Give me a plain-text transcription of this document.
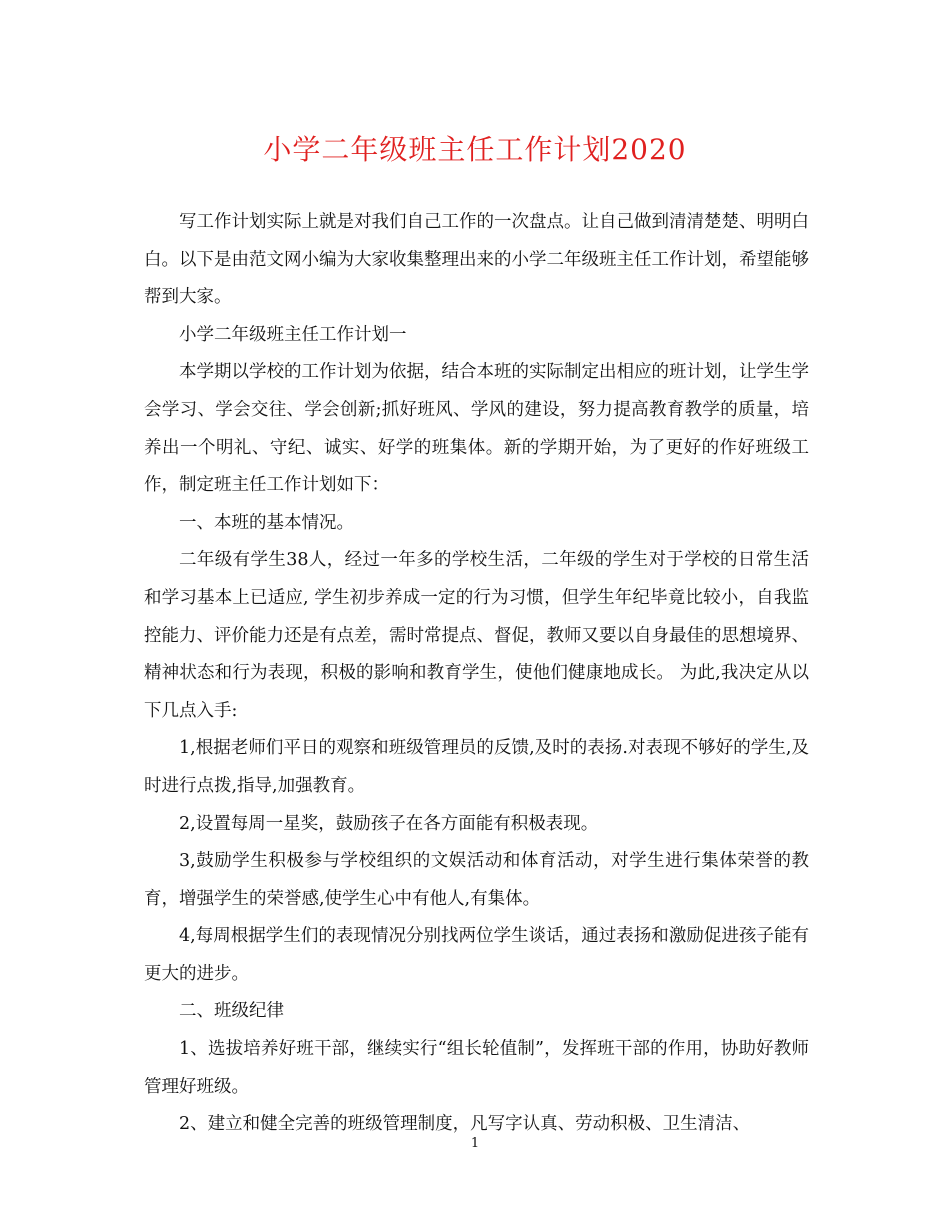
小学二年级班主任工作计划2020

写工作计划实际上就是对我们自己工作的一次盘点。让自己做到清清楚楚、明明白白。以下是由范文网小编为大家收集整理出来的小学二年级班主任工作计划，希望能够帮到大家。

小学二年级班主任工作计划一

本学期以学校的工作计划为依据，结合本班的实际制定出相应的班计划，让学生学会学习、学会交往、学会创新;抓好班风、学风的建设，努力提高教育教学的质量，培养出一个明礼、守纪、诚实、好学的班集体。新的学期开始，为了更好的作好班级工作，制定班主任工作计划如下：

一、本班的基本情况。

二年级有学生38人，经过一年多的学校生活，二年级的学生对于学校的日常生活和学习基本上已适应, 学生初步养成一定的行为习惯，但学生年纪毕竟比较小，自我监控能力、评价能力还是有点差，需时常提点、督促，教师又要以自身最佳的思想境界、精神状态和行为表现，积极的影响和教育学生，使他们健康地成长。 为此,我决定从以下几点入手:

1,根据老师们平日的观察和班级管理员的反馈,及时的表扬.对表现不够好的学生,及时进行点拨,指导,加强教育。

2,设置每周一星奖，鼓励孩子在各方面能有积极表现。

3,鼓励学生积极参与学校组织的文娱活动和体育活动，对学生进行集体荣誉的教育，增强学生的荣誉感,使学生心中有他人,有集体。

4,每周根据学生们的表现情况分别找两位学生谈话，通过表扬和激励促进孩子能有更大的进步。

二、班级纪律

1、选拔培养好班干部，继续实行“组长轮值制”，发挥班干部的作用，协助好教师管理好班级。

2、建立和健全完善的班级管理制度，凡写字认真、劳动积极、卫生清洁、

1
